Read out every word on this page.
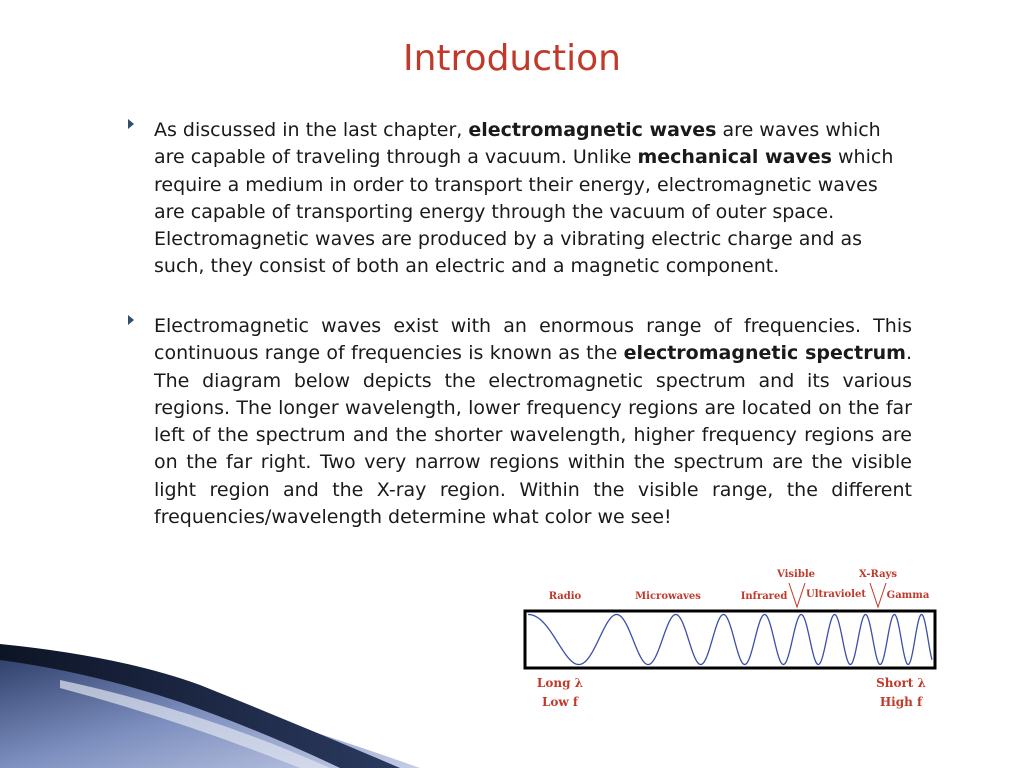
Introduction
As discussed in the last chapter, electromagnetic waves are waves which are capable of traveling through a vacuum. Unlike mechanical waves which require a medium in order to transport their energy, electromagnetic waves are capable of transporting energy through the vacuum of outer space. Electromagnetic waves are produced by a vibrating electric charge and as such, they consist of both an electric and a magnetic component.
Electromagnetic waves exist with an enormous range of frequencies. This continuous range of frequencies is known as the electromagnetic spectrum. The diagram below depicts the electromagnetic spectrum and its various regions. The longer wavelength, lower frequency regions are located on the far left of the spectrum and the shorter wavelength, higher frequency regions are on the far right. Two very narrow regions within the spectrum are the visible light region and the X-ray region. Within the visible range, the different frequencies/wavelength determine what color we see!
Visible	X-Rays
Radio	Microwaves	Infrared Ultraviolet Gamma
Long λ
Low f
Short λ
High f
